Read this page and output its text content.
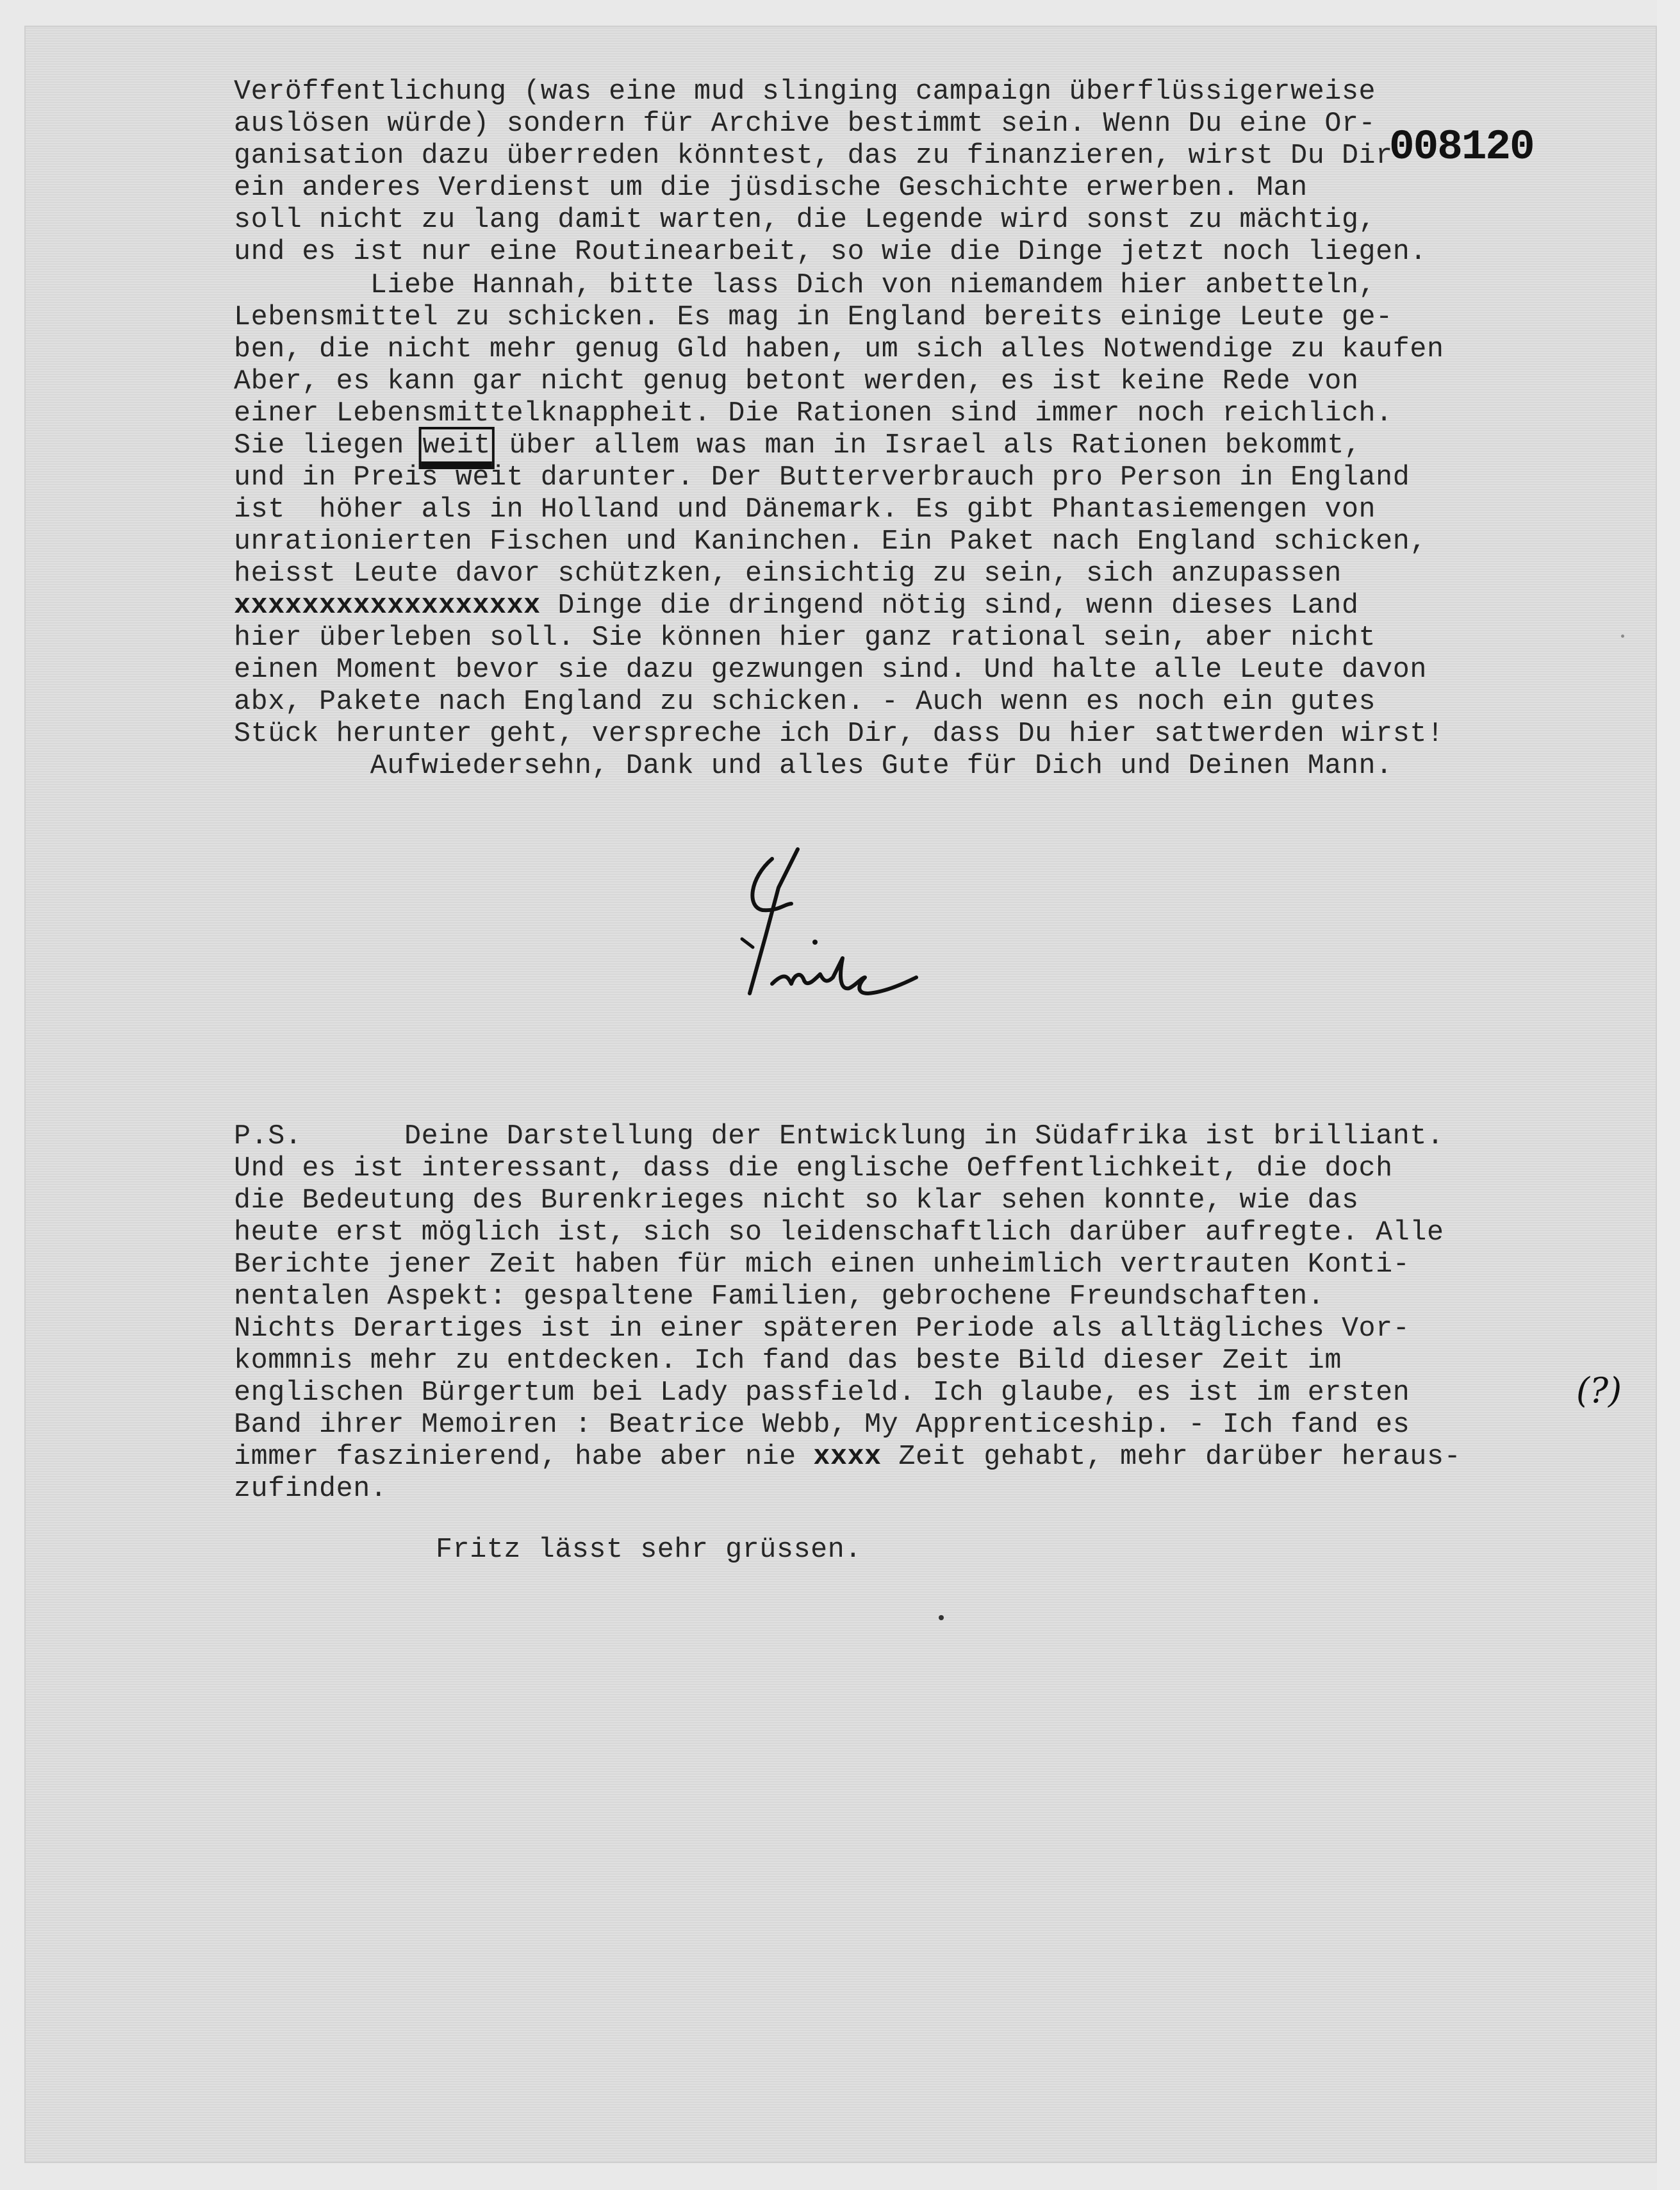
008120
Veröffentlichung (was eine mud slinging campaign überflüssigerweise
auslösen würde) sondern für Archive bestimmt sein. Wenn Du eine Or-
ganisation dazu überreden könntest, das zu finanzieren, wirst Du Dir
ein anderes Verdienst um die jüsdische Geschichte erwerben. Man
soll nicht zu lang damit warten, die Legende wird sonst zu mächtig,
und es ist nur eine Routinearbeit, so wie die Dinge jetzt noch liegen.
Liebe Hannah, bitte lass Dich von niemandem hier anbetteln,
Lebensmittel zu schicken. Es mag in England bereits einige Leute ge-
ben, die nicht mehr genug Gld haben, um sich alles Notwendige zu kaufen
Aber, es kann gar nicht genug betont werden, es ist keine Rede von
einer Lebensmittelknappheit. Die Rationen sind immer noch reichlich.
Sie liegen weit über allem was man in Israel als Rationen bekommt,
und in Preis weit darunter. Der Butterverbrauch pro Person in England
ist  höher als in Holland und Dänemark. Es gibt Phantasiemengen von
unrationierten Fischen und Kaninchen. Ein Paket nach England schicken,
heisst Leute davor schützken, einsichtig zu sein, sich anzupassen
xxxxxxxxxxxxxxxxxx Dinge die dringend nötig sind, wenn dieses Land
hier überleben soll. Sie können hier ganz rational sein, aber nicht
einen Moment bevor sie dazu gezwungen sind. Und halte alle Leute davon
abx, Pakete nach England zu schicken. - Auch wenn es noch ein gutes
Stück herunter geht, verspreche ich Dir, dass Du hier sattwerden wirst!
Aufwiedersehn, Dank und alles Gute für Dich und Deinen Mann.
P.S.      Deine Darstellung der Entwicklung in Südafrika ist brilliant.
Und es ist interessant, dass die englische Oeffentlichkeit, die doch
die Bedeutung des Burenkrieges nicht so klar sehen konnte, wie das
heute erst möglich ist, sich so leidenschaftlich darüber aufregte. Alle
Berichte jener Zeit haben für mich einen unheimlich vertrauten Konti-
nentalen Aspekt: gespaltene Familien, gebrochene Freundschaften.
Nichts Derartiges ist in einer späteren Periode als alltägliches Vor-
kommnis mehr zu entdecken. Ich fand das beste Bild dieser Zeit im
englischen Bürgertum bei Lady passfield. Ich glaube, es ist im ersten
Band ihrer Memoiren : Beatrice Webb, My Apprenticeship. - Ich fand es
immer faszinierend, habe aber nie xxxx Zeit gehabt, mehr darüber heraus-
zufinden.
(?)
Fritz lässt sehr grüssen.
